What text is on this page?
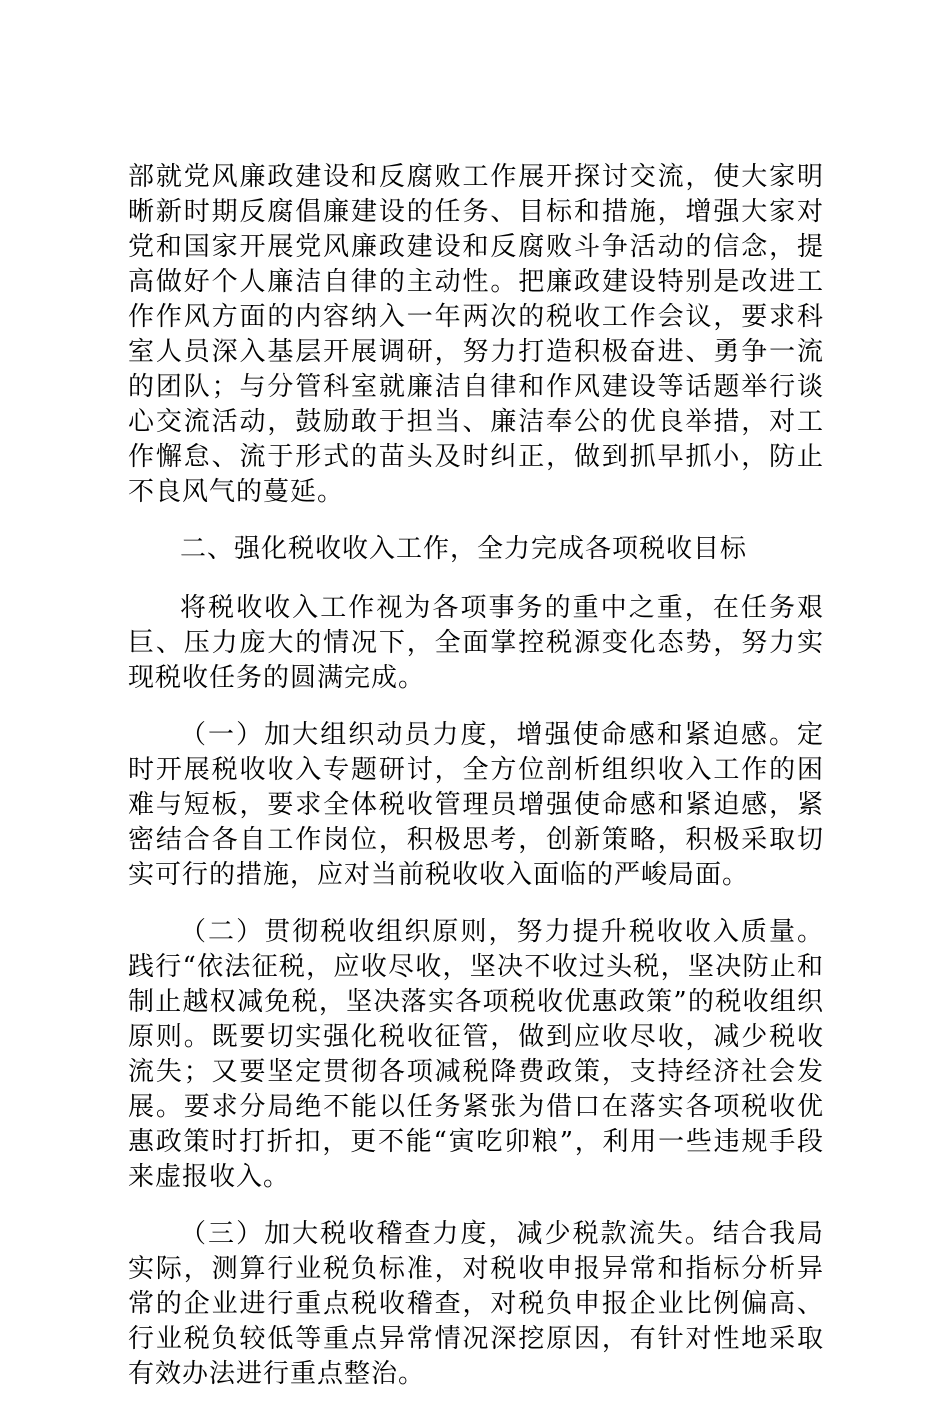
部就党风廉政建设和反腐败工作展开探讨交流，使大家明晰新时期反腐倡廉建设的任务、目标和措施，增强大家对党和国家开展党风廉政建设和反腐败斗争活动的信念，提高做好个人廉洁自律的主动性。把廉政建设特别是改进工作作风方面的内容纳入一年两次的税收工作会议，要求科室人员深入基层开展调研，努力打造积极奋进、勇争一流的团队；与分管科室就廉洁自律和作风建设等话题举行谈心交流活动，鼓励敢于担当、廉洁奉公的优良举措，对工作懈怠、流于形式的苗头及时纠正，做到抓早抓小，防止不良风气的蔓延。

二、强化税收收入工作，全力完成各项税收目标

将税收收入工作视为各项事务的重中之重，在任务艰巨、压力庞大的情况下，全面掌控税源变化态势，努力实现税收任务的圆满完成。

（一）加大组织动员力度，增强使命感和紧迫感。定时开展税收收入专题研讨，全方位剖析组织收入工作的困难与短板，要求全体税收管理员增强使命感和紧迫感，紧密结合各自工作岗位，积极思考，创新策略，积极采取切实可行的措施，应对当前税收收入面临的严峻局面。

（二）贯彻税收组织原则，努力提升税收收入质量。践行“依法征税，应收尽收，坚决不收过头税，坚决防止和制止越权减免税，坚决落实各项税收优惠政策”的税收组织原则。既要切实强化税收征管，做到应收尽收，减少税收流失；又要坚定贯彻各项减税降费政策，支持经济社会发展。要求分局绝不能以任务紧张为借口在落实各项税收优惠政策时打折扣，更不能“寅吃卯粮”，利用一些违规手段来虚报收入。

（三）加大税收稽查力度，减少税款流失。结合我局实际，测算行业税负标准，对税收申报异常和指标分析异常的企业进行重点税收稽查，对税负申报企业比例偏高、行业税负较低等重点异常情况深挖原因，有针对性地采取有效办法进行重点整治。
